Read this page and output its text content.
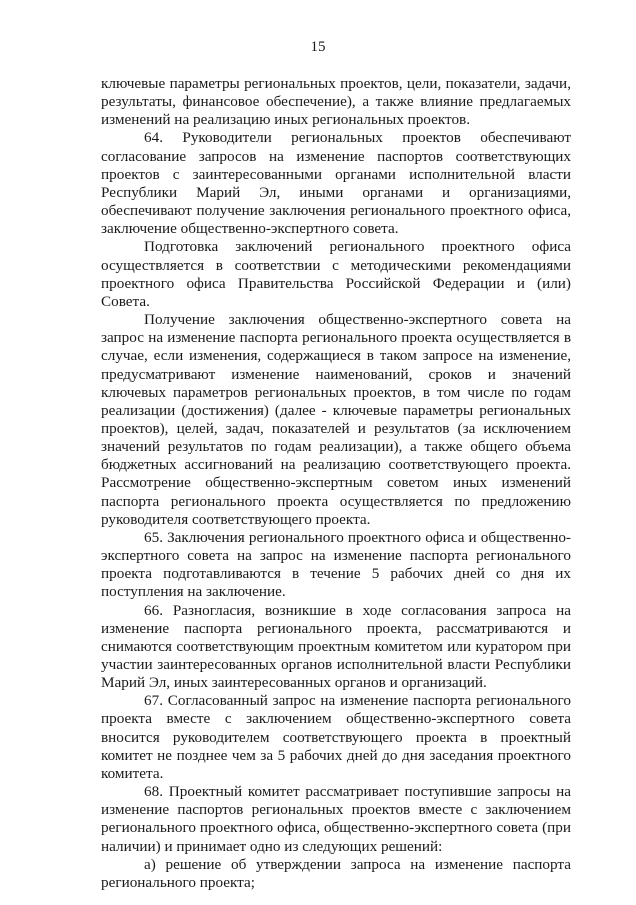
15

ключевые параметры региональных проектов, цели, показатели, задачи, результаты, финансовое обеспечение), а также влияние предлагаемых изменений на реализацию иных региональных проектов.

64. Руководители региональных проектов обеспечивают согласование запросов на изменение паспортов соответствующих проектов с заинтересованными органами исполнительной власти Республики Марий Эл, иными органами и организациями, обеспечивают получение заключения регионального проектного офиса, заключение общественно-экспертного совета.

Подготовка заключений регионального проектного офиса осуществляется в соответствии с методическими рекомендациями проектного офиса Правительства Российской Федерации и (или) Совета.

Получение заключения общественно-экспертного совета на запрос на изменение паспорта регионального проекта осуществляется в случае, если изменения, содержащиеся в таком запросе на изменение, предусматривают изменение наименований, сроков и значений ключевых параметров региональных проектов, в том числе по годам реализации (достижения) (далее - ключевые параметры региональных проектов), целей, задач, показателей и результатов (за исключением значений результатов по годам реализации), а также общего объема бюджетных ассигнований на реализацию соответствующего проекта. Рассмотрение общественно-экспертным советом иных изменений паспорта регионального проекта осуществляется по предложению руководителя соответствующего проекта.

65. Заключения регионального проектного офиса и общественно-экспертного совета на запрос на изменение паспорта регионального проекта подготавливаются в течение 5 рабочих дней со дня их поступления на заключение.

66. Разногласия, возникшие в ходе согласования запроса на изменение паспорта регионального проекта, рассматриваются и снимаются соответствующим проектным комитетом или куратором при участии заинтересованных органов исполнительной власти Республики Марий Эл, иных заинтересованных органов и организаций.

67. Согласованный запрос на изменение паспорта регионального проекта вместе с заключением общественно-экспертного совета вносится руководителем соответствующего проекта в проектный комитет не позднее чем за 5 рабочих дней до дня заседания проектного комитета.

68. Проектный комитет рассматривает поступившие запросы на изменение паспортов региональных проектов вместе с заключением регионального проектного офиса, общественно-экспертного совета (при наличии) и принимает одно из следующих решений:

а) решение об утверждении запроса на изменение паспорта регионального проекта;
